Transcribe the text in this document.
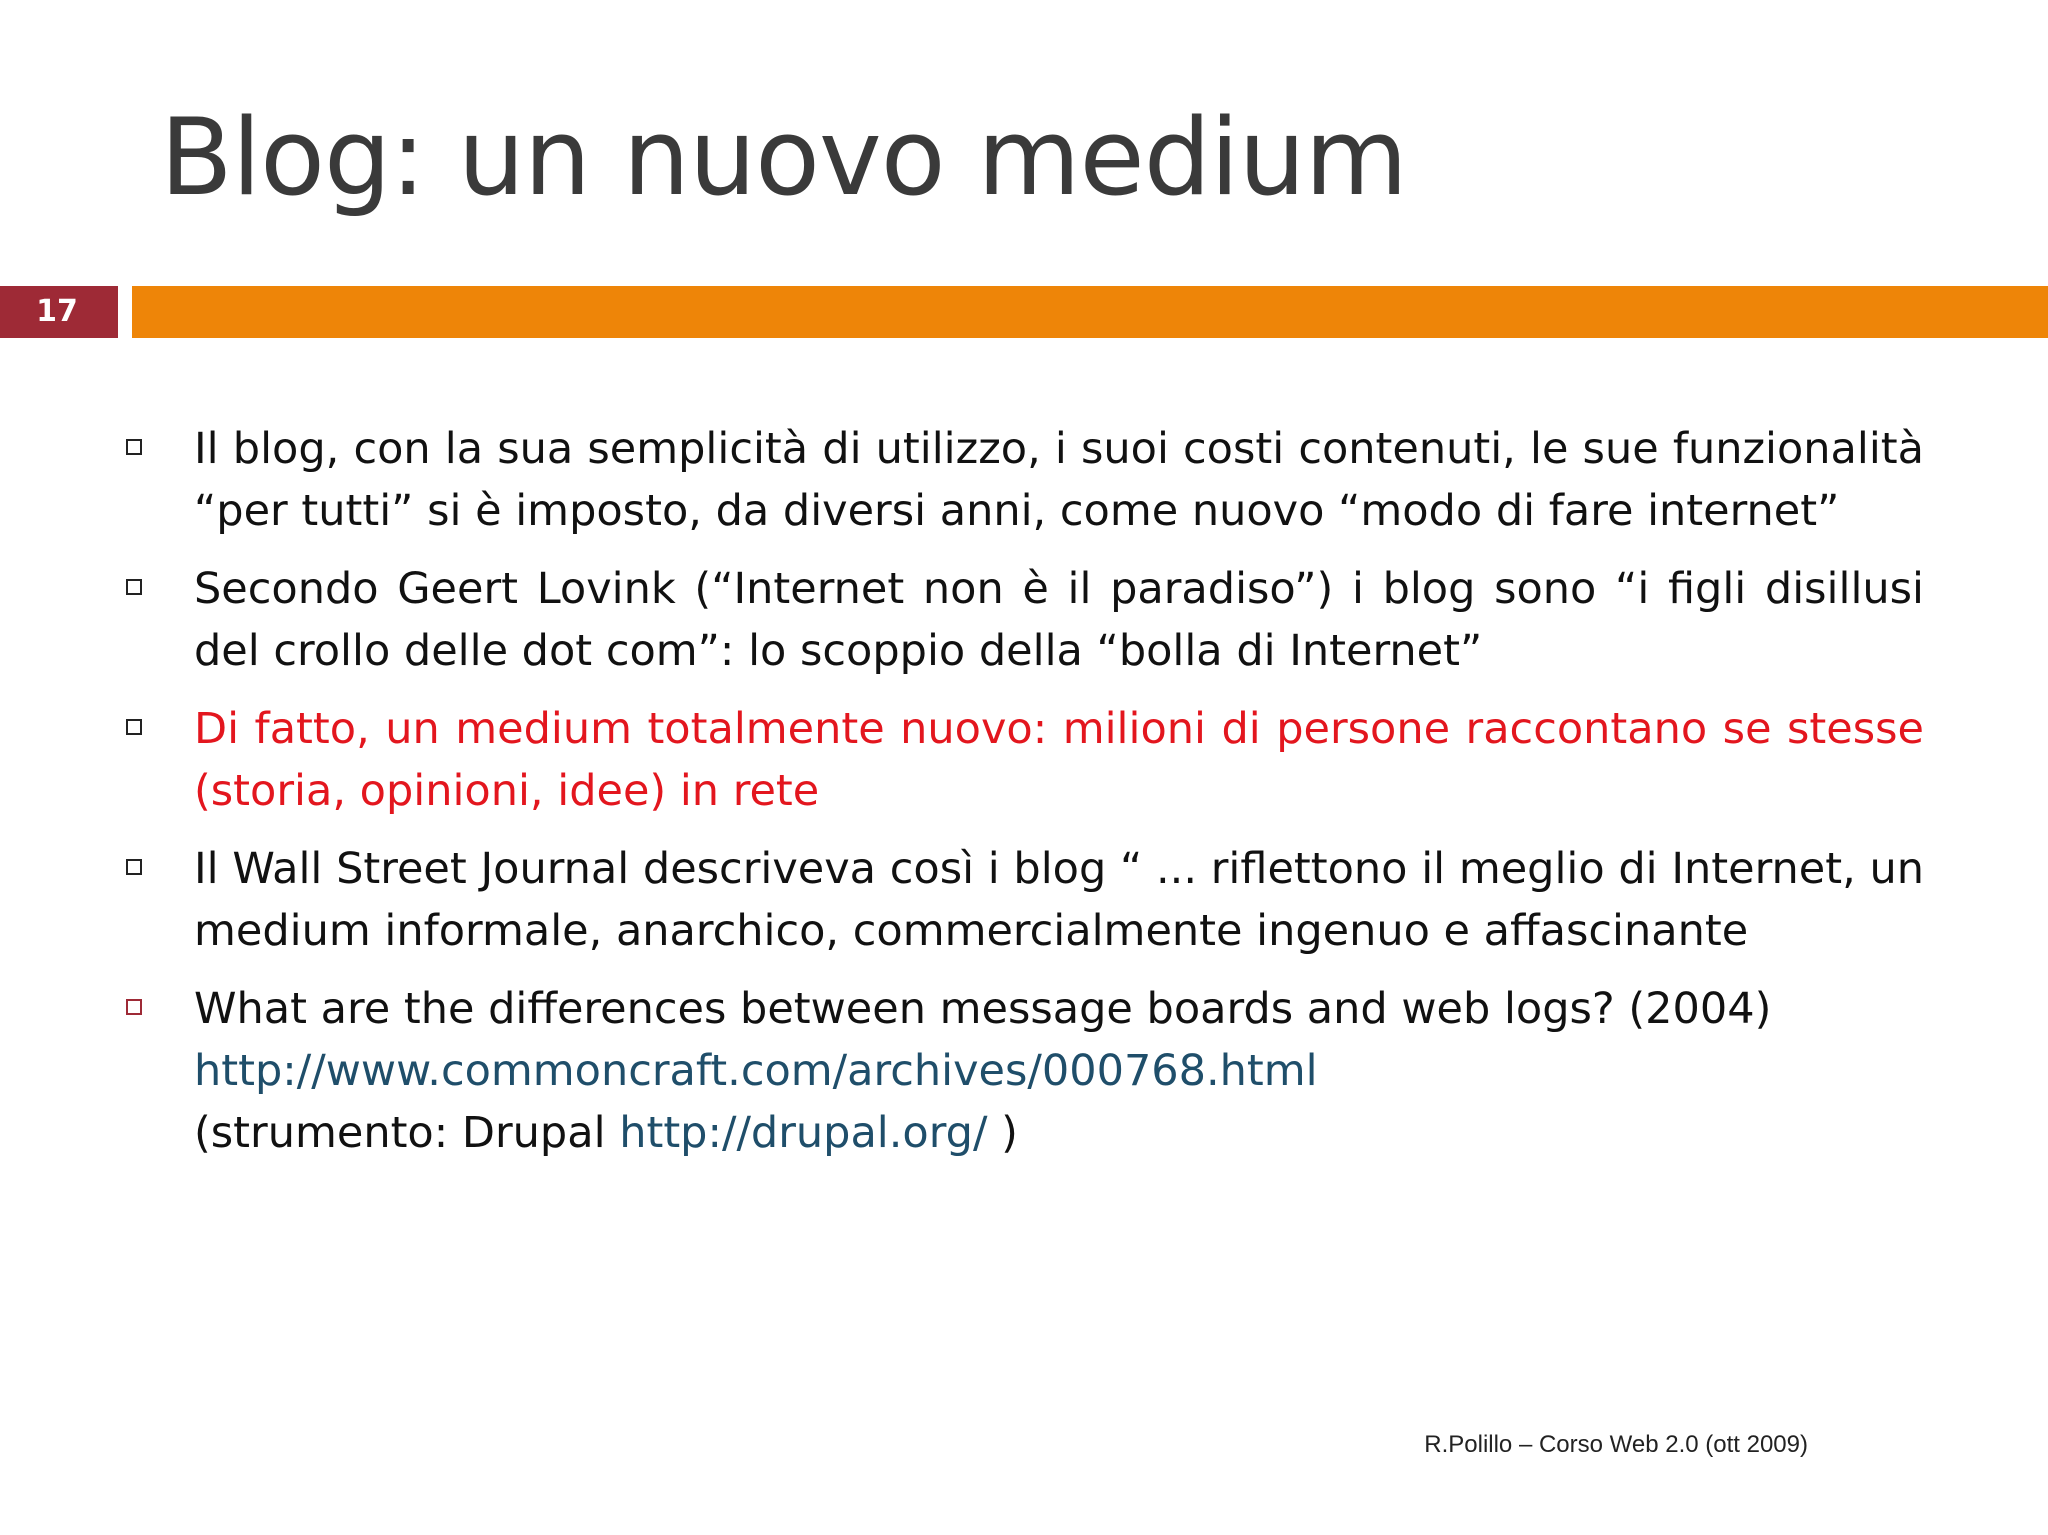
Blog: un nuovo medium
17
Il blog, con la sua semplicità di utilizzo, i suoi costi contenuti, le sue funzionalità “per tutti” si è imposto, da diversi anni, come nuovo “modo di fare internet”
Secondo Geert Lovink (“Internet non è il paradiso”) i blog sono “i figli disillusi del crollo delle dot com”: lo scoppio della “bolla di Internet”
Di fatto, un medium totalmente nuovo: milioni di persone raccontano se stesse (storia, opinioni, idee) in rete
Il Wall Street Journal descriveva così i blog “ ... riflettono il meglio di Internet, un medium informale, anarchico, commercialmente ingenuo e affascinante
What are the differences between message boards and web logs? (2004)
http://www.commoncraft.com/archives/000768.html
(strumento: Drupal http://drupal.org/ )
R.Polillo – Corso Web 2.0 (ott 2009)
